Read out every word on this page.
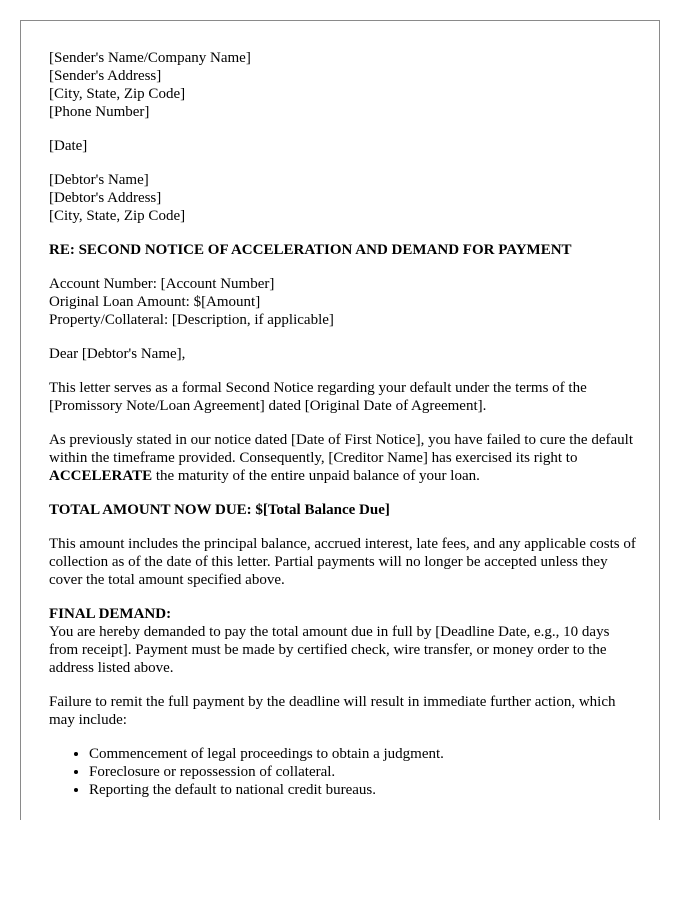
[Sender's Name/Company Name]
[Sender's Address]
[City, State, Zip Code]
[Phone Number]
[Date]
[Debtor's Name]
[Debtor's Address]
[City, State, Zip Code]
RE: SECOND NOTICE OF ACCELERATION AND DEMAND FOR PAYMENT
Account Number: [Account Number]
Original Loan Amount: $[Amount]
Property/Collateral: [Description, if applicable]

Dear [Debtor's Name],

This letter serves as a formal Second Notice regarding your default under the terms of the [Promissory Note/Loan Agreement] dated [Original Date of Agreement].

As previously stated in our notice dated [Date of First Notice], you have failed to cure the default within the timeframe provided. Consequently, [Creditor Name] has exercised its right to ACCELERATE the maturity of the entire unpaid balance of your loan.

TOTAL AMOUNT NOW DUE: $[Total Balance Due]

This amount includes the principal balance, accrued interest, late fees, and any applicable costs of collection as of the date of this letter. Partial payments will no longer be accepted unless they cover the total amount specified above.

FINAL DEMAND:
You are hereby demanded to pay the total amount due in full by [Deadline Date, e.g., 10 days from receipt]. Payment must be made by certified check, wire transfer, or money order to the address listed above.

Failure to remit the full payment by the deadline will result in immediate further action, which may include:

• Commencement of legal proceedings to obtain a judgment.
• Foreclosure or repossession of collateral.
• Reporting the default to national credit bureaus.
